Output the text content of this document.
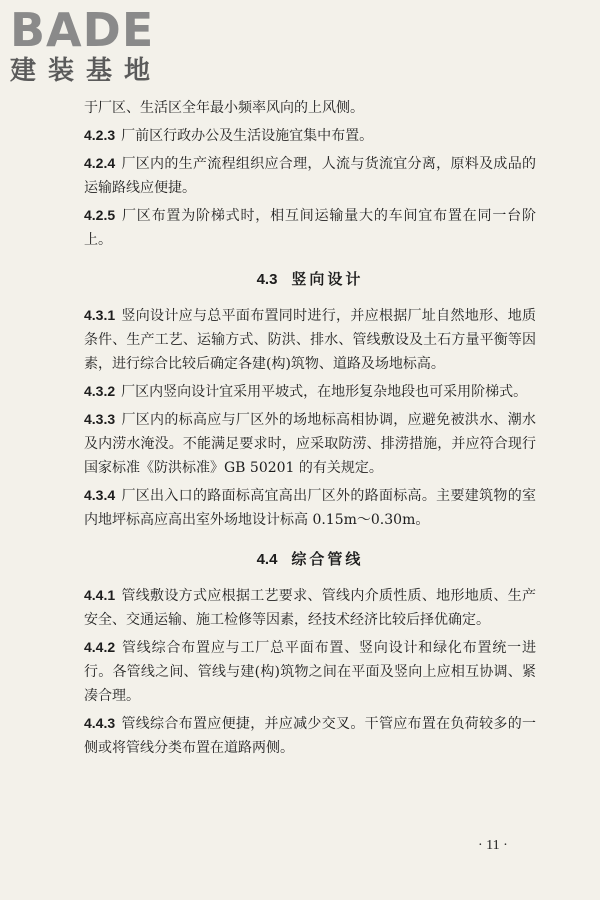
BADE
建装基地

于厂区、生活区全年最小频率风向的上风侧。

4.2.3 厂前区行政办公及生活设施宜集中布置。

4.2.4 厂区内的生产流程组织应合理，人流与货流宜分离，原料及成品的运输路线应便捷。

4.2.5 厂区布置为阶梯式时，相互间运输量大的车间宜布置在同一台阶上。

4.3 竖向设计

4.3.1 竖向设计应与总平面布置同时进行，并应根据厂址自然地形、地质条件、生产工艺、运输方式、防洪、排水、管线敷设及土石方量平衡等因素，进行综合比较后确定各建(构)筑物、道路及场地标高。

4.3.2 厂区内竖向设计宜采用平坡式，在地形复杂地段也可采用阶梯式。

4.3.3 厂区内的标高应与厂区外的场地标高相协调，应避免被洪水、潮水及内涝水淹没。不能满足要求时，应采取防涝、排涝措施，并应符合现行国家标准《防洪标准》GB 50201 的有关规定。

4.3.4 厂区出入口的路面标高宜高出厂区外的路面标高。主要建筑物的室内地坪标高应高出室外场地设计标高 0.15m～0.30m。

4.4 综合管线

4.4.1 管线敷设方式应根据工艺要求、管线内介质性质、地形地质、生产安全、交通运输、施工检修等因素，经技术经济比较后择优确定。

4.4.2 管线综合布置应与工厂总平面布置、竖向设计和绿化布置统一进行。各管线之间、管线与建(构)筑物之间在平面及竖向上应相互协调、紧凑合理。

4.4.3 管线综合布置应便捷，并应减少交叉。干管应布置在负荷较多的一侧或将管线分类布置在道路两侧。

· 11 ·
